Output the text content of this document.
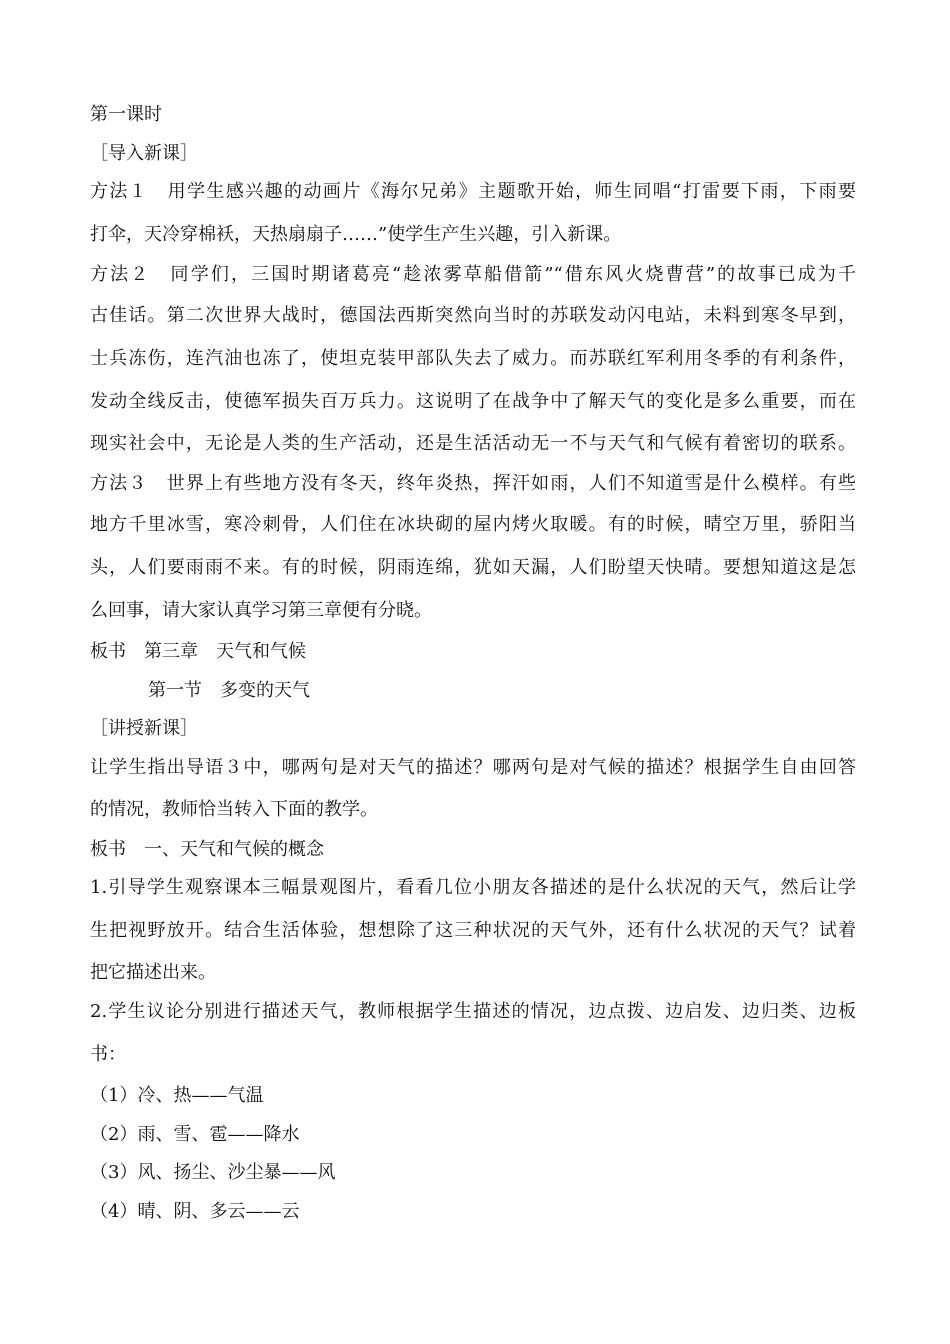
第一课时
［导入新课］
方法１ 用学生感兴趣的动画片《海尔兄弟》主题歌开始，师生同唱“打雷要下雨，下雨要
打伞，天冷穿棉袄，天热扇扇子……”使学生产生兴趣，引入新课。
方法２ 同学们，三国时期诸葛亮“趁浓雾草船借箭”“借东风火烧曹营”的故事已成为千
古佳话。第二次世界大战时，德国法西斯突然向当时的苏联发动闪电站，未料到寒冬早到，
士兵冻伤，连汽油也冻了，使坦克装甲部队失去了威力。而苏联红军利用冬季的有利条件，
发动全线反击，使德军损失百万兵力。这说明了在战争中了解天气的变化是多么重要，而在
现实社会中，无论是人类的生产活动，还是生活活动无一不与天气和气候有着密切的联系。
方法３ 世界上有些地方没有冬天，终年炎热，挥汗如雨，人们不知道雪是什么模样。有些
地方千里冰雪，寒冷刺骨，人们住在冰块砌的屋内烤火取暖。有的时候，晴空万里，骄阳当
头，人们要雨雨不来。有的时候，阴雨连绵，犹如天漏，人们盼望天快晴。要想知道这是怎
么回事，请大家认真学习第三章便有分晓。
板书 第三章　天气和气候
第一节　多变的天气
［讲授新课］
让学生指出导语３中，哪两句是对天气的描述？哪两句是对气候的描述？根据学生自由回答
的情况，教师恰当转入下面的教学。
板书 一、天气和气候的概念
1.引导学生观察课本三幅景观图片，看看几位小朋友各描述的是什么状况的天气，然后让学
生把视野放开。结合生活体验，想想除了这三种状况的天气外，还有什么状况的天气？试着
把它描述出来。
2.学生议论分别进行描述天气，教师根据学生描述的情况，边点拨、边启发、边归类、边板
书：
（1）冷、热——气温
（2）雨、雪、雹——降水
（3）风、扬尘、沙尘暴——风
（4）晴、阴、多云——云
